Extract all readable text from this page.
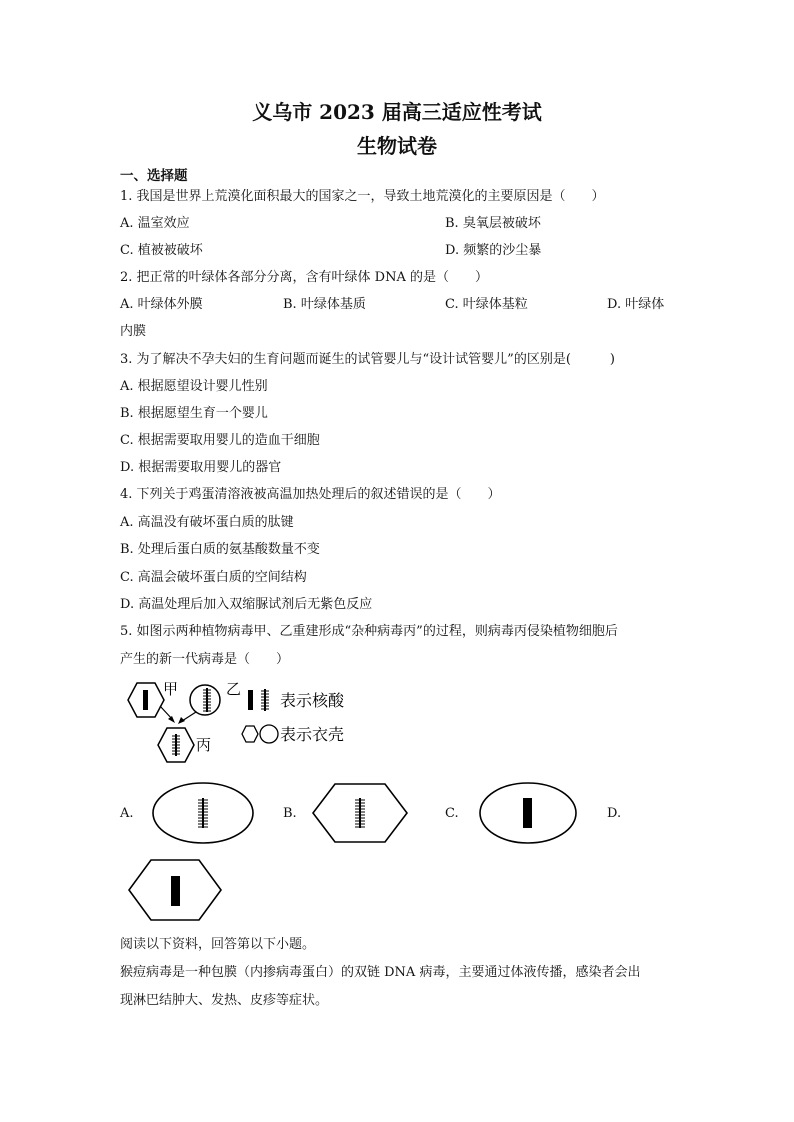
义乌市 2023 届高三适应性考试
生物试卷
一、选择题
1. 我国是世界上荒漠化面积最大的国家之一，导致土地荒漠化的主要原因是（　　）
A. 温室效应	B. 臭氧层被破坏
C. 植被被破坏	D. 频繁的沙尘暴
2. 把正常的叶绿体各部分分离，含有叶绿体 DNA 的是（　　）
A. 叶绿体外膜	B. 叶绿体基质	C. 叶绿体基粒	D. 叶绿体
内膜
3. 为了解决不孕夫妇的生育问题而诞生的试管婴儿与“设计试管婴儿”的区别是(　　　)
A. 根据愿望设计婴儿性别
B. 根据愿望生育一个婴儿
C. 根据需要取用婴儿的造血干细胞
D. 根据需要取用婴儿的器官
4. 下列关于鸡蛋清溶液被高温加热处理后的叙述错误的是（　　）
A. 高温没有破坏蛋白质的肽键
B. 处理后蛋白质的氨基酸数量不变
C. 高温会破坏蛋白质的空间结构
D. 高温处理后加入双缩脲试剂后无紫色反应
5. 如图示两种植物病毒甲、乙重建形成“杂种病毒丙”的过程，则病毒丙侵染植物细胞后
产生的新一代病毒是（　　）
甲	乙
丙
表示核酸
表示衣壳
A.	B.	C.	D.
阅读以下资料，回答第以下小题。
猴痘病毒是一种包膜（内掺病毒蛋白）的双链 DNA 病毒，主要通过体液传播，感染者会出
现淋巴结肿大、发热、皮疹等症状。
